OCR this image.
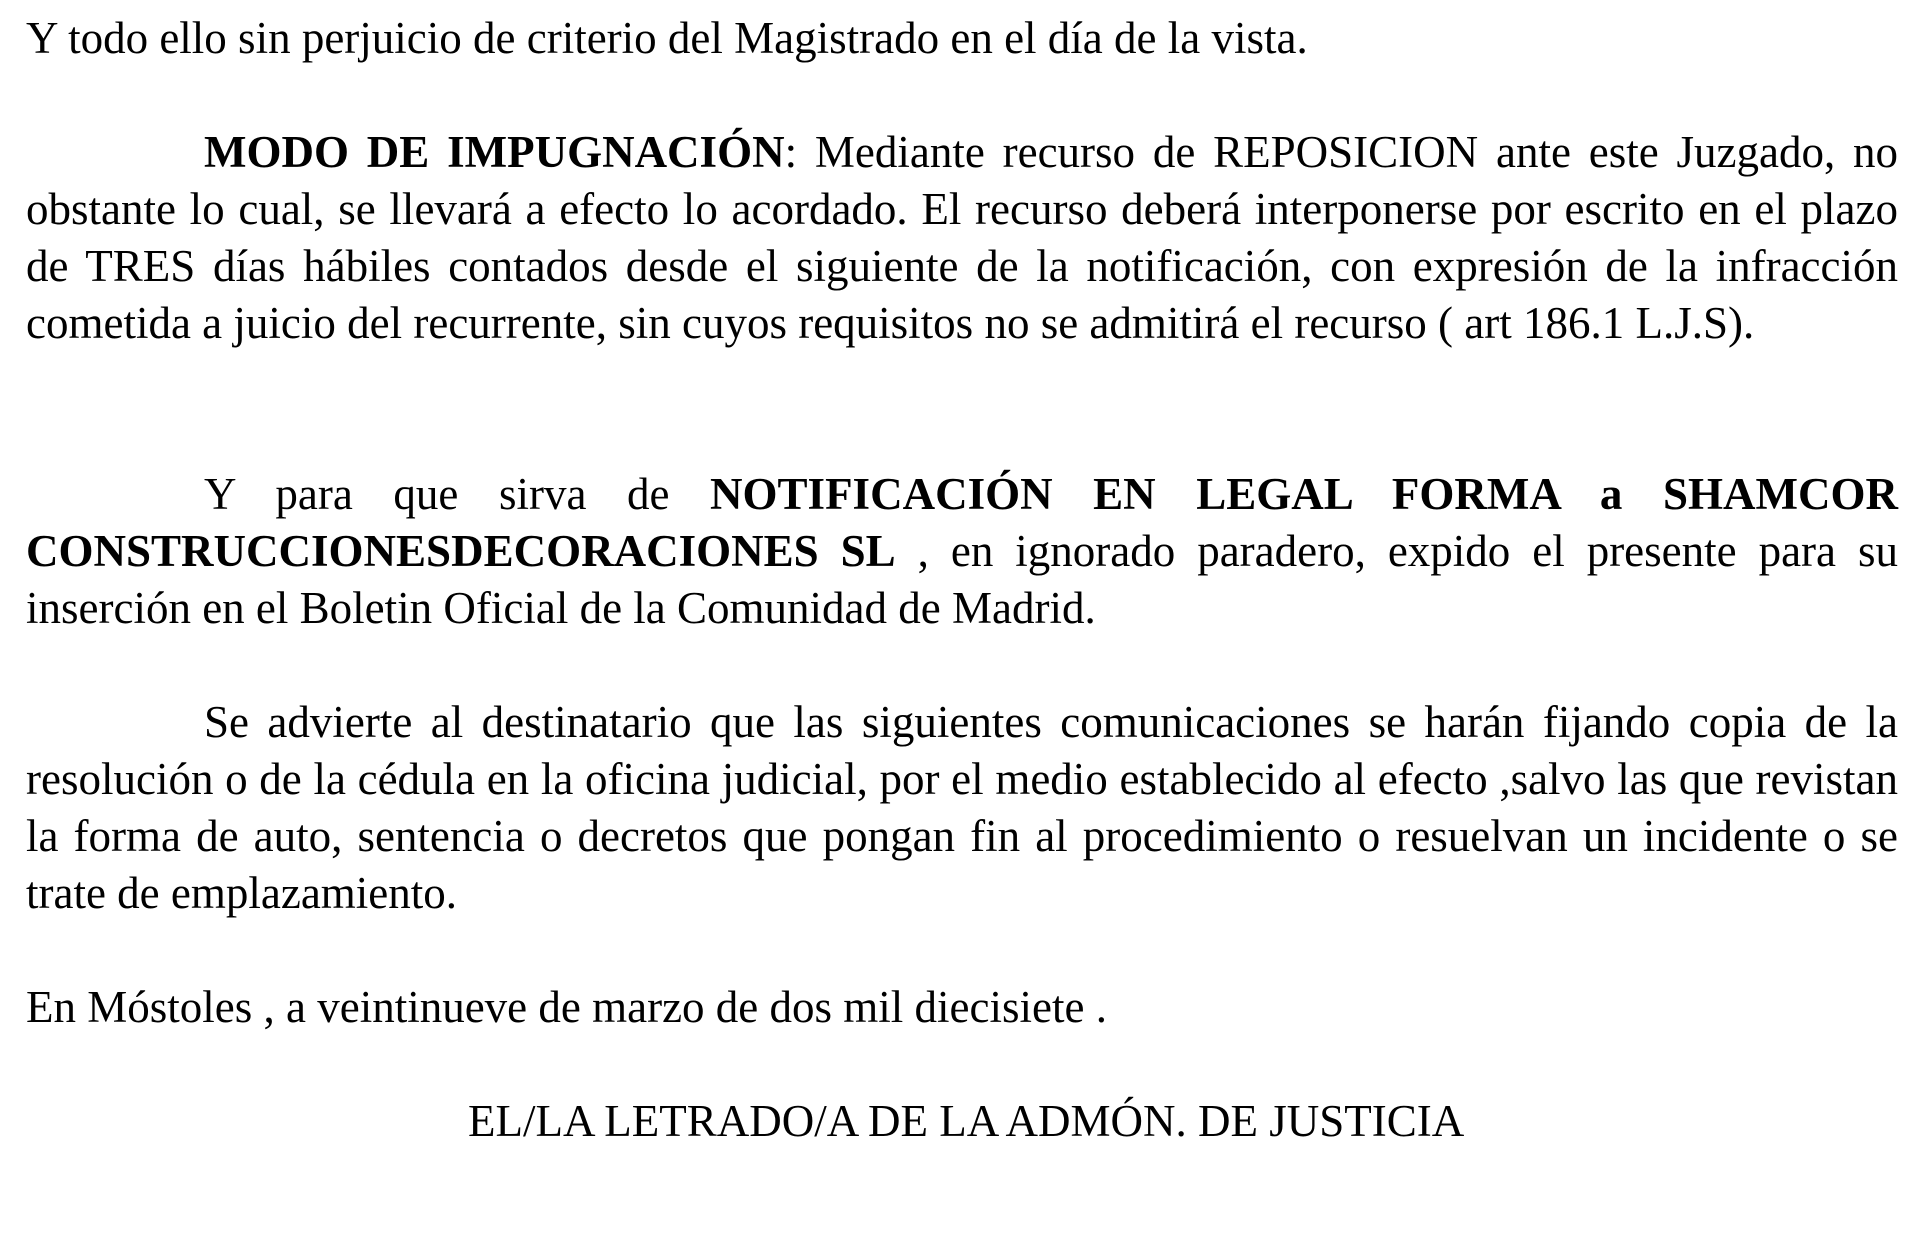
Y todo ello sin perjuicio de criterio del Magistrado en el día de la vista.

MODO DE IMPUGNACIÓN: Mediante recurso de REPOSICION ante este Juzgado, no obstante lo cual, se llevará a efecto lo acordado. El recurso deberá interponerse por escrito en el plazo de TRES días hábiles contados desde el siguiente de la notificación, con expresión de la infracción cometida a juicio del recurrente, sin cuyos requisitos no se admitirá el recurso ( art 186.1 L.J.S).

Y para que sirva de NOTIFICACIÓN EN LEGAL FORMA a SHAMCOR CONSTRUCCIONESDECORACIONES SL , en ignorado paradero, expido el presente para su inserción en el Boletin Oficial de la Comunidad de Madrid.

Se advierte al destinatario que las siguientes comunicaciones se harán fijando copia de la resolución o de la cédula en la oficina judicial, por el medio establecido al efecto ,salvo las que revistan la forma de auto, sentencia o decretos que pongan fin al procedimiento o resuelvan un incidente o se trate de emplazamiento.

En Móstoles , a veintinueve de marzo de dos mil diecisiete .

EL/LA LETRADO/A DE LA ADMÓN. DE JUSTICIA
